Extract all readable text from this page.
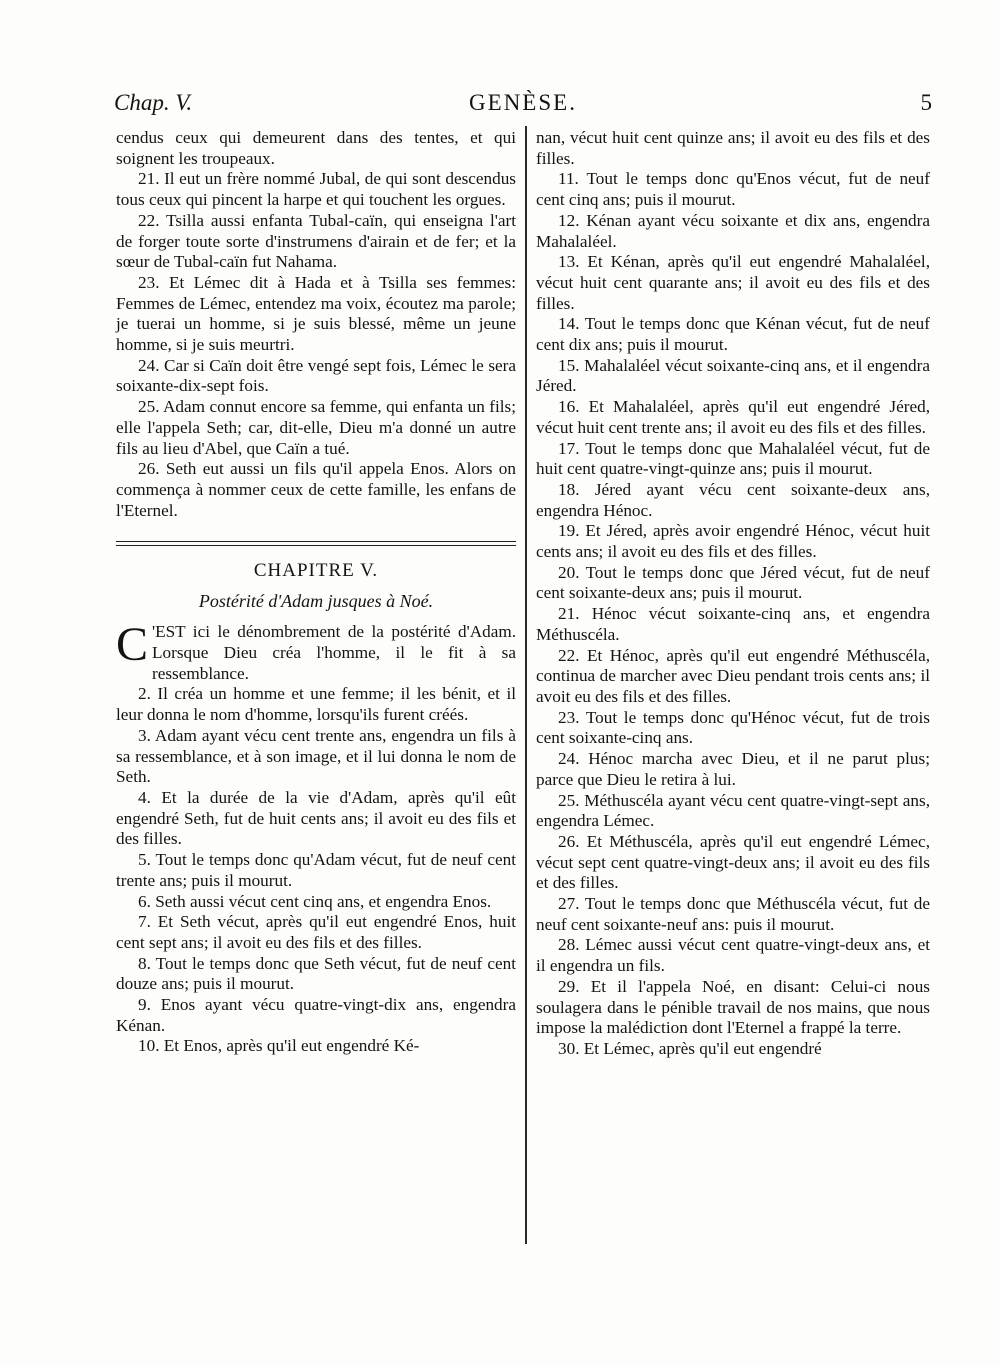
Chap. V.	GENÈSE.	5

cendus ceux qui demeurent dans des tentes, et qui soignent les troupeaux.

21. Il eut un frère nommé Jubal, de qui sont descendus tous ceux qui pincent la harpe et qui touchent les orgues.

22. Tsilla aussi enfanta Tubal-caïn, qui enseigna l'art de forger toute sorte d'instrumens d'airain et de fer; et la sœur de Tubal-caïn fut Nahama.

23. Et Lémec dit à Hada et à Tsilla ses femmes: Femmes de Lémec, entendez ma voix, écoutez ma parole; je tuerai un homme, si je suis blessé, même un jeune homme, si je suis meurtri.

24. Car si Caïn doit être vengé sept fois, Lémec le sera soixante-dix-sept fois.

25. Adam connut encore sa femme, qui enfanta un fils; elle l'appela Seth; car, dit-elle, Dieu m'a donné un autre fils au lieu d'Abel, que Caïn a tué.

26. Seth eut aussi un fils qu'il appela Enos. Alors on commença à nommer ceux de cette famille, les enfans de l'Eternel.

CHAPITRE V.
Postérité d'Adam jusques à Noé.

C 'EST ici le dénombrement de la postérité d'Adam. Lorsque Dieu créa l'homme, il le fit à sa ressemblance.

2. Il créa un homme et une femme; il les bénit, et il leur donna le nom d'homme, lorsqu'ils furent créés.

3. Adam ayant vécu cent trente ans, engendra un fils à sa ressemblance, et à son image, et il lui donna le nom de Seth.

4. Et la durée de la vie d'Adam, après qu'il eût engendré Seth, fut de huit cents ans; il avoit eu des fils et des filles.

5. Tout le temps donc qu'Adam vécut, fut de neuf cent trente ans; puis il mourut.

6. Seth aussi vécut cent cinq ans, et engendra Enos.

7. Et Seth vécut, après qu'il eut engendré Enos, huit cent sept ans; il avoit eu des fils et des filles.

8. Tout le temps donc que Seth vécut, fut de neuf cent douze ans; puis il mourut.

9. Enos ayant vécu quatre-vingt-dix ans, engendra Kénan.

10. Et Enos, après qu'il eut engendré Ké-

nan, vécut huit cent quinze ans; il avoit eu des fils et des filles.

11. Tout le temps donc qu'Enos vécut, fut de neuf cent cinq ans; puis il mourut.

12. Kénan ayant vécu soixante et dix ans, engendra Mahalaléel.

13. Et Kénan, après qu'il eut engendré Mahalaléel, vécut huit cent quarante ans; il avoit eu des fils et des filles.

14. Tout le temps donc que Kénan vécut, fut de neuf cent dix ans; puis il mourut.

15. Mahalaléel vécut soixante-cinq ans, et il engendra Jéred.

16. Et Mahalaléel, après qu'il eut engendré Jéred, vécut huit cent trente ans; il avoit eu des fils et des filles.

17. Tout le temps donc que Mahalaléel vécut, fut de huit cent quatre-vingt-quinze ans; puis il mourut.

18. Jéred ayant vécu cent soixante-deux ans, engendra Hénoc.

19. Et Jéred, après avoir engendré Hénoc, vécut huit cents ans; il avoit eu des fils et des filles.

20. Tout le temps donc que Jéred vécut, fut de neuf cent soixante-deux ans; puis il mourut.

21. Hénoc vécut soixante-cinq ans, et engendra Méthuscéla.

22. Et Hénoc, après qu'il eut engendré Méthuscéla, continua de marcher avec Dieu pendant trois cents ans; il avoit eu des fils et des filles.

23. Tout le temps donc qu'Hénoc vécut, fut de trois cent soixante-cinq ans.

24. Hénoc marcha avec Dieu, et il ne parut plus; parce que Dieu le retira à lui.

25. Méthuscéla ayant vécu cent quatre-vingt-sept ans, engendra Lémec.

26. Et Méthuscéla, après qu'il eut engendré Lémec, vécut sept cent quatre-vingt-deux ans; il avoit eu des fils et des filles.

27. Tout le temps donc que Méthuscéla vécut, fut de neuf cent soixante-neuf ans: puis il mourut.

28. Lémec aussi vécut cent quatre-vingt-deux ans, et il engendra un fils.

29. Et il l'appela Noé, en disant: Celui-ci nous soulagera dans le pénible travail de nos mains, que nous impose la malédiction dont l'Eternel a frappé la terre.

30. Et Lémec, après qu'il eut engendré
